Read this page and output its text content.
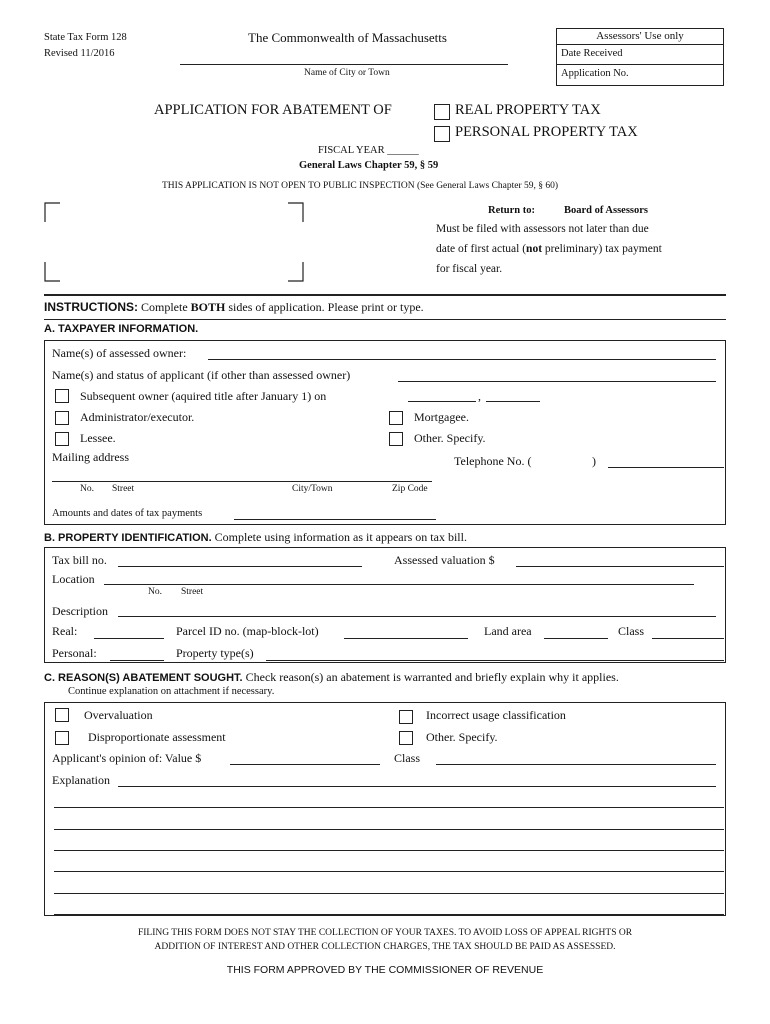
State Tax Form 128
Revised 11/2016
The Commonwealth of Massachusetts
Name of City or Town
Assessors' Use only
Date Received
Application No.
APPLICATION FOR ABATEMENT OF	REAL PROPERTY TAX
PERSONAL PROPERTY TAX
FISCAL YEAR ______
General Laws Chapter 59, § 59
THIS APPLICATION IS NOT OPEN TO PUBLIC INSPECTION (See General Laws Chapter 59, § 60)
Return to:	Board of Assessors
Must be filed with assessors not later than due
date of first actual (not preliminary) tax payment
for fiscal year.
INSTRUCTIONS: Complete BOTH sides of application. Please print or type.
A. TAXPAYER INFORMATION.
Name(s) of assessed owner:
Name(s) and status of applicant (if other than assessed owner)
Subsequent owner (aquired title after January 1) on	,
Administrator/executor.	Mortgagee.
Lessee.	Other. Specify.
Mailing address	Telephone No. (	)
No. Street	City/Town	Zip Code
Amounts and dates of tax payments
B. PROPERTY IDENTIFICATION. Complete using information as it appears on tax bill.
Tax bill no.	Assessed valuation $
Location
No. Street
Description
Real:	Parcel ID no. (map-block-lot)	Land area	Class
Personal:	Property type(s)
C. REASON(S) ABATEMENT SOUGHT. Check reason(s) an abatement is warranted and briefly explain why it applies.
Continue explanation on attachment if necessary.
Overvaluation	Incorrect usage classification
Disproportionate assessment	Other. Specify.
Applicant's opinion of: Value $	Class
Explanation
FILING THIS FORM DOES NOT STAY THE COLLECTION OF YOUR TAXES. TO AVOID LOSS OF APPEAL RIGHTS OR
ADDITION OF INTEREST AND OTHER COLLECTION CHARGES, THE TAX SHOULD BE PAID AS ASSESSED.
THIS FORM APPROVED BY THE COMMISSIONER OF REVENUE
